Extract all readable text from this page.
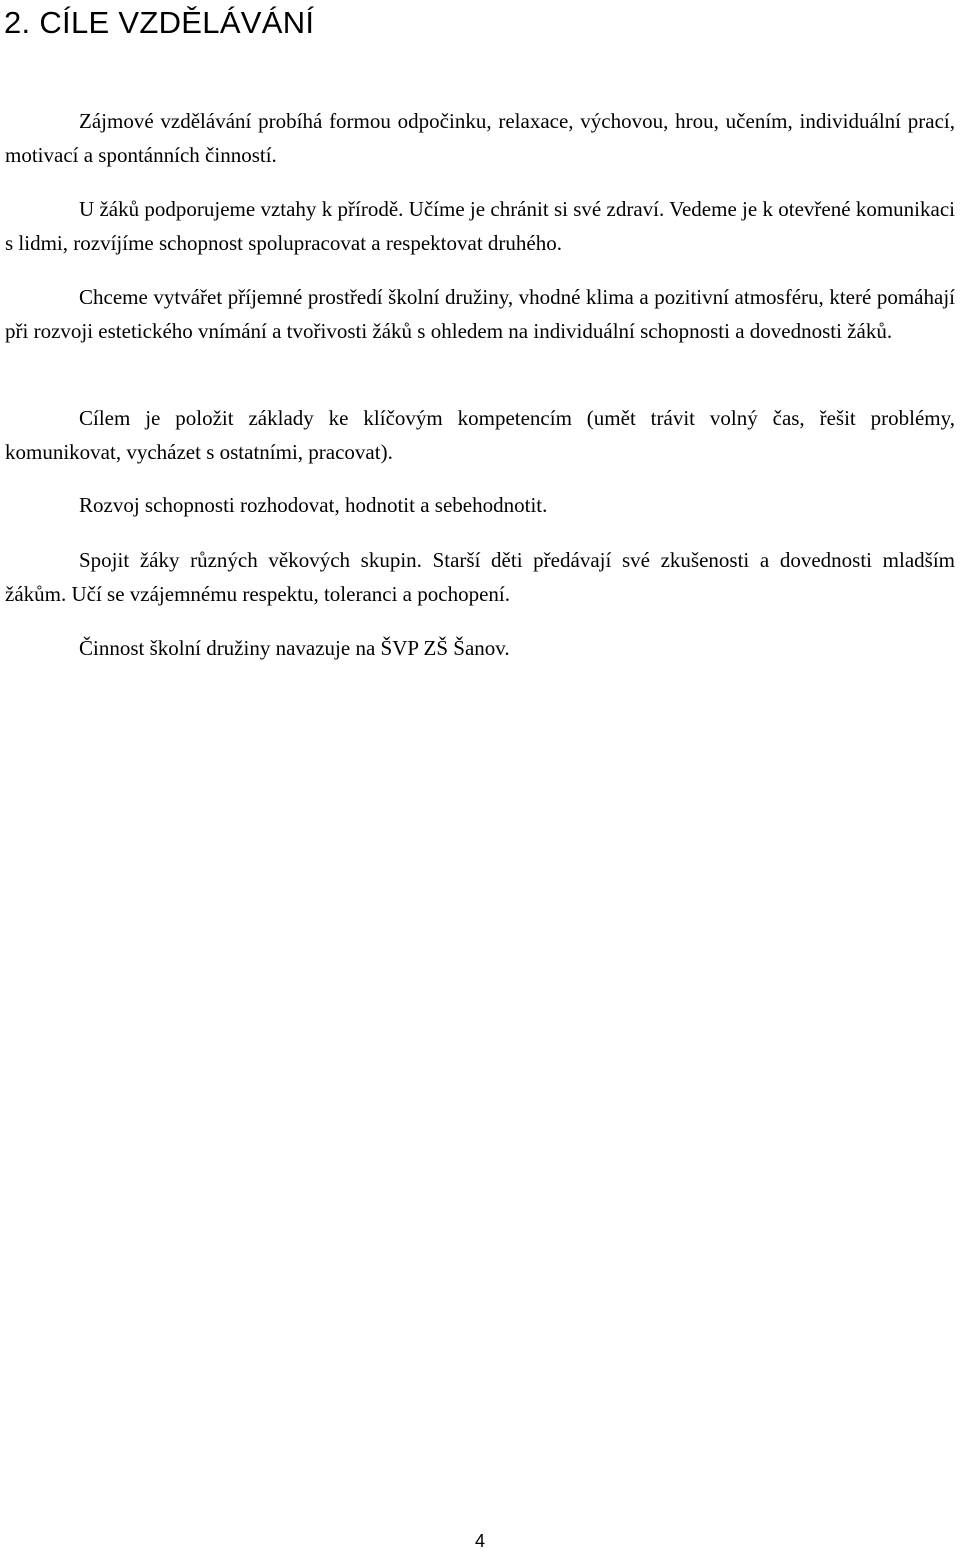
2. CÍLE VZDĚLÁVÁNÍ

Zájmové vzdělávání probíhá formou odpočinku, relaxace, výchovou, hrou, učením, individuální prací, motivací a spontánních činností.

U žáků podporujeme vztahy k přírodě. Učíme je chránit si své zdraví. Vedeme je k otevřené komunikaci s lidmi, rozvíjíme schopnost spolupracovat a respektovat druhého.

Chceme vytvářet příjemné prostředí školní družiny, vhodné klima a pozitivní atmosféru, které pomáhají při rozvoji estetického vnímání a tvořivosti žáků s ohledem na individuální schopnosti a dovednosti žáků.

Cílem je položit základy ke klíčovým kompetencím (umět trávit volný čas, řešit problémy, komunikovat, vycházet s ostatními, pracovat).

Rozvoj schopnosti rozhodovat, hodnotit a sebehodnotit.

Spojit žáky různých věkových skupin. Starší děti předávají své zkušenosti a dovednosti mladším žákům. Učí se vzájemnému respektu, toleranci a pochopení.

Činnost školní družiny navazuje na ŠVP ZŠ Šanov.

4
